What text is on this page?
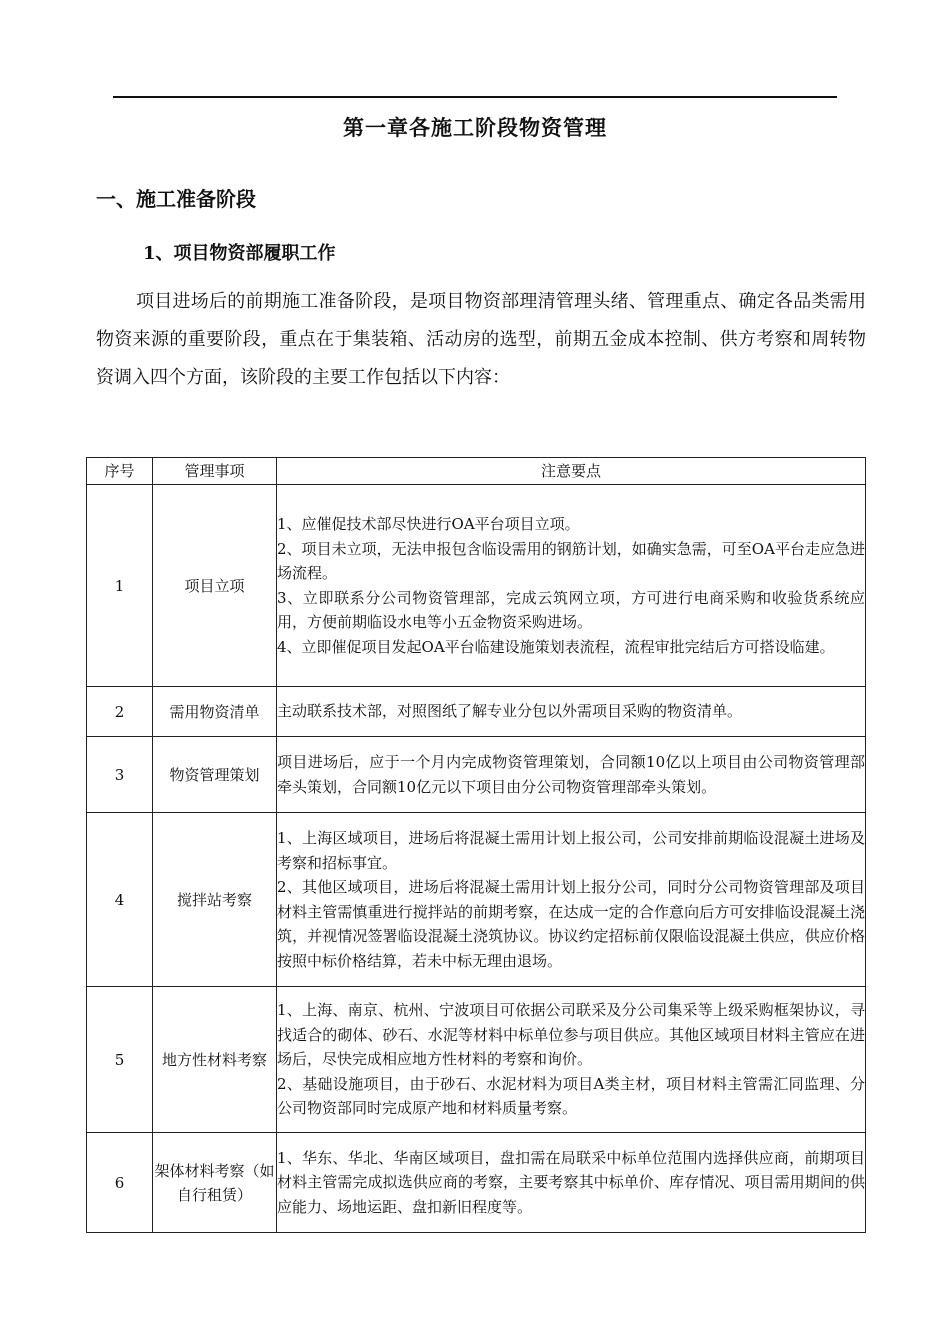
第一章各施工阶段物资管理
一、施工准备阶段
1、项目物资部履职工作

项目进场后的前期施工准备阶段，是项目物资部理清管理头绪、管理重点、确定各品类需用物资来源的重要阶段，重点在于集装箱、活动房的选型，前期五金成本控制、供方考察和周转物资调入四个方面，该阶段的主要工作包括以下内容：

序号	管理事项	注意要点
1	项目立项	1、应催促技术部尽快进行OA平台项目立项。
2、项目未立项，无法申报包含临设需用的钢筋计划，如确实急需，可至OA平台走应急进场流程。
3、立即联系分公司物资管理部，完成云筑网立项，方可进行电商采购和收验货系统应用，方便前期临设水电等小五金物资采购进场。
4、立即催促项目发起OA平台临建设施策划表流程，流程审批完结后方可搭设临建。

2	需用物资清单	主动联系技术部，对照图纸了解专业分包以外需项目采购的物资清单。

3	物资管理策划	项目进场后，应于一个月内完成物资管理策划，合同额10亿以上项目由公司物资管理部牵头策划，合同额10亿元以下项目由分公司物资管理部牵头策划。

4	搅拌站考察	1、上海区域项目，进场后将混凝土需用计划上报公司，公司安排前期临设混凝土进场及考察和招标事宜。
2、其他区域项目，进场后将混凝土需用计划上报分公司，同时分公司物资管理部及项目材料主管需慎重进行搅拌站的前期考察，在达成一定的合作意向后方可安排临设混凝土浇筑，并视情况签署临设混凝土浇筑协议。协议约定招标前仅限临设混凝土供应，供应价格按照中标价格结算，若未中标无理由退场。

5	地方性材料考察	1、上海、南京、杭州、宁波项目可依据公司联采及分公司集采等上级采购框架协议，寻找适合的砌体、砂石、水泥等材料中标单位参与项目供应。其他区域项目材料主管应在进场后，尽快完成相应地方性材料的考察和询价。
2、基础设施项目，由于砂石、水泥材料为项目A类主材，项目材料主管需汇同监理、分公司物资部同时完成原产地和材料质量考察。

6	架体材料考察（如自行租赁）	1、华东、华北、华南区域项目，盘扣需在局联采中标单位范围内选择供应商，前期项目材料主管需完成拟选供应商的考察，主要考察其中标单价、库存情况、项目需用期间的供应能力、场地运距、盘扣新旧程度等。
